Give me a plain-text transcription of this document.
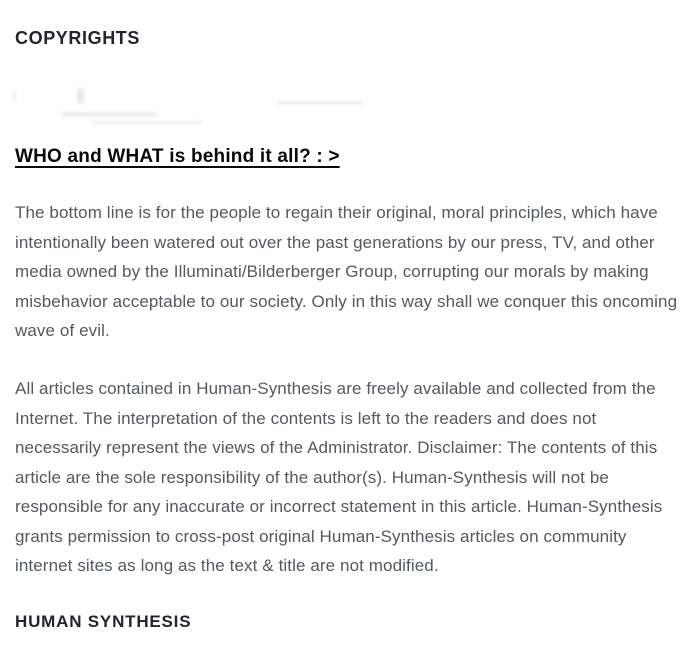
COPYRIGHTS
WHO and WHAT is behind it all? : >

The bottom line is for the people to regain their original, moral principles, which have intentionally been watered out over the past generations by our press, TV, and other media owned by the Illuminati/Bilderberger Group, corrupting our morals by making misbehavior acceptable to our society. Only in this way shall we conquer this oncoming wave of evil.

All articles contained in Human-Synthesis are freely available and collected from the Internet. The interpretation of the contents is left to the readers and does not necessarily represent the views of the Administrator. Disclaimer: The contents of this article are the sole responsibility of the author(s). Human-Synthesis will not be responsible for any inaccurate or incorrect statement in this article. Human-Synthesis grants permission to cross-post original Human-Synthesis articles on community internet sites as long as the text & title are not modified.

HUMAN SYNTHESIS
